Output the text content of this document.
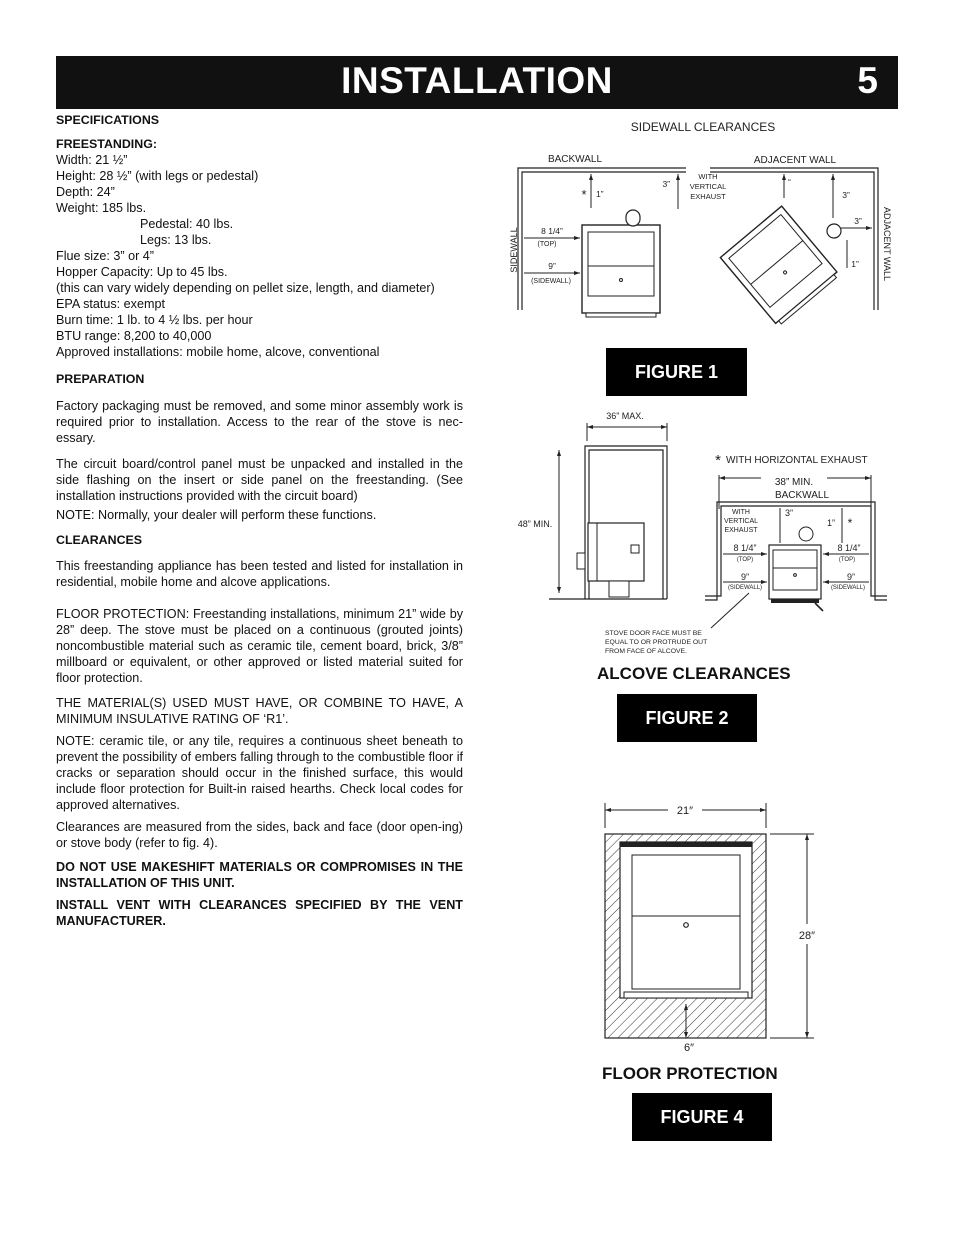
INSTALLATION	5
SPECIFICATIONS
FREESTANDING:
Width: 21 ½”
Height: 28 ½” (with legs or pedestal)
Depth: 24”
Weight: 185 lbs.
Pedestal: 40 lbs.
Legs: 13 lbs.
Flue size: 3” or 4”
Hopper Capacity: Up to 45 lbs.
(this can vary widely depending on pellet size, length, and diameter)
EPA status: exempt
Burn time: 1 lb. to 4 ½ lbs. per hour
BTU range: 8,200 to 40,000
Approved installations: mobile home, alcove, conventional
PREPARATION

Factory packaging must be removed, and some minor assembly work is required prior to installation. Access to the rear of the stove is nec-essary.

The circuit board/control panel must be unpacked and installed in the side flashing on the insert or side panel on the freestanding. (See installation instructions provided with the circuit board)

NOTE: Normally, your dealer will perform these functions.

CLEARANCES

This freestanding appliance has been tested and listed for installation in residential, mobile home and alcove applications.

FLOOR PROTECTION: Freestanding installations, minimum 21” wide by 28” deep. The stove must be placed on a continuous (grouted joints) noncombustible material such as ceramic tile, cement board, brick, 3/8” millboard or equivalent, or other approved or listed material suited for floor protection.

THE MATERIAL(S) USED MUST HAVE, OR COMBINE TO HAVE, A MINIMUM INSULATIVE RATING OF ‘R1’.

NOTE: ceramic tile, or any tile, requires a continuous sheet beneath to prevent the possibility of embers falling through to the combustible floor if cracks or separation should occur in the finished surface, this would include floor protection for Built-in raised hearths. Check local codes for approved alternatives.

Clearances are measured from the sides, back and face (door open-ing) or stove body (refer to fig. 4).

DO NOT USE MAKESHIFT MATERIALS OR COMPROMISES IN THE INSTALLATION OF THIS UNIT.

INSTALL VENT WITH CLEARANCES SPECIFIED BY THE VENT MANUFACTURER.

SIDEWALL CLEARANCES
BACKWALL	ADJACENT WALL
SIDEWALL	ADJACENT WALL
* 1”
3”
WITH
VERTICAL
EXHAUST
8 1/4”
(TOP)
9”
(SIDEWALL)
“
3”
3”
1”
FIGURE 1
36” MAX.
48” MIN.
* WITH HORIZONTAL EXHAUST
38” MIN.
BACKWALL
WITH
VERTICAL
EXHAUST
3”
1” *
8 1/4”
(TOP)
8 1/4”
(TOP)
9”
(SIDEWALL)
9”
(SIDEWALL)
STOVE DOOR FACE MUST BE
EQUAL TO OR PROTRUDE OUT
FROM FACE OF ALCOVE.
ALCOVE CLEARANCES
FIGURE 2
21″
6″
28″
FLOOR PROTECTION
FIGURE 4
